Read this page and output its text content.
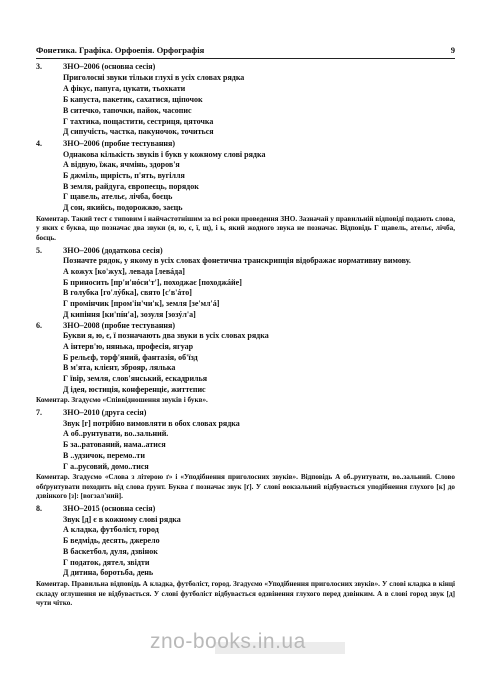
Фонетика. Графіка. Орфоепія. Орфографія	9
3.	ЗНО–2006 (основна сесія)
Приголосні звуки тільки глухі в усіх словах рядка
А фікус, папуга, цукати, тьохкати
Б капуста, пакетик, сахатися, щіпочок
В ситечко, тапочки, пайок, часопис
Г тахтика, пощастити, сестриця, цяточка
Д сипучість, частка, пакуночок, точиться
4.	ЗНО–2006 (пробне тестування)
Однакова кількість звуків і букв у кожному слові рядка
А відвую, їжак, ячмінь, здоров'я
Б джміль, щирість, п'ять, вугілля
В земля, райдуга, європеєць, порядок
Г щавель, ательє, лічба, боєць
Д сон, якийсь, подорожжю, заєць
Коментар. Такий тест є типовим і найчастотнішим за всі роки проведення ЗНО. Зазначай у правильній відповіді подають слова, у яких є буква, що позначає два звуки (я, ю, є, ї, щ), і ь, який жодного звука не позначає. Відповідь Г щавель, ательє, лічба, боєць.
5.	ЗНО–2006 (додаткова сесія)
Позначте рядок, у якому в усіх словах фонетична транскрипція відображає нормативну вимову.
А кожух [ко'жух], левада [левáда]
Б приносить [пр'и'нóси'т'], походжає [походжáйе]
В голубка [го'лýбка], свято [с'в'áто]
Г промінчик [пром'ін'чи'к], земля [зе'мл'á]
Д кипіння [ки'пíн'а], зозуля [зозýл'а]
6.	ЗНО–2008 (пробне тестування)
Букви я, ю, є, ї позначають два звуки в усіх словах рядка
А інтерв'ю, нянька, професія, ягуар
Б рельєф, торф'яний, фантазія, об'їзд
В м'ята, клієнт, зброяр, лялька
Г ївір, земля, слов'янський, ескадрилья
Д ідея, юстиція, конференціє, життєпис
Коментар. Згадуємо «Співвідношення звуків і букв».
7.	ЗНО–2010 (друга сесія)
Звук [г] потрібно вимовляти в обох словах рядка
А об..рунтувати, во..зальний.
Б за..ратований, нама..атися
В ..удзичок, перемо..ти
Г а..русовий, домо..тися
Коментар. Згадуємо «Слова з літерою ґ» і «Уподібнення приголосних звуків». Відповідь А об..рунтувати, во..зальний. Слово обґрунтувати походить від слова ґрунт. Буква ґ позначає звук [ґ]. У слові вокзальний відбувається уподібнення глухого [к] до дзвінкого [з]: [вогзал'ний].
8.	ЗНО–2015 (основна сесія)
Звук [д] є в кожному слові рядка
А кладка, футболіст, город
Б ведмідь, десять, джерело
В баскетбол, дуля, дзвінок
Г податок, дятел, звідти
Д дитина, боротьба, день
Коментар. Правильна відповідь А кладка, футболіст, город. Згадуємо «Уподібнення приголосних звуків». У слові кладка в кінці складу оглушення не відбувається. У слові футболіст відбувається одзвінення глухого перед дзвінким. А в слові город звук [д] чути чітко.
zno-books.in.ua
